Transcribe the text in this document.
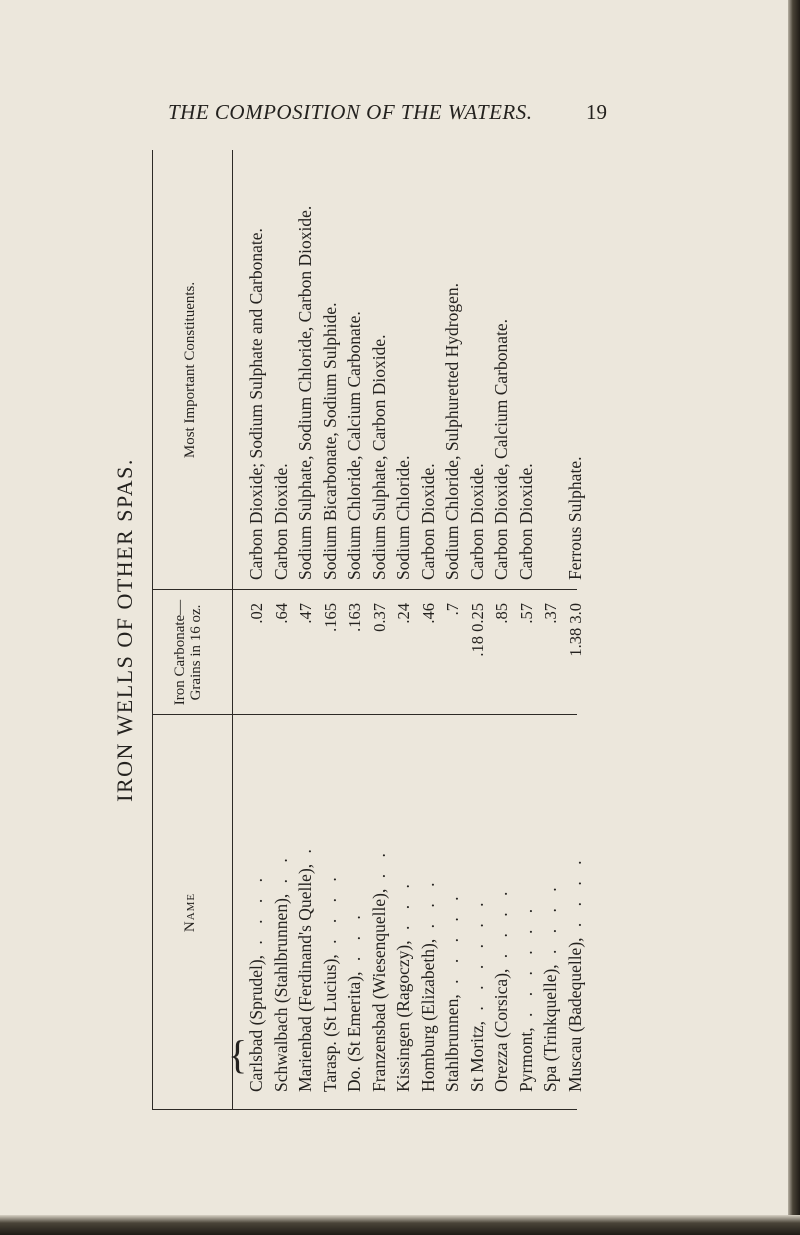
THE COMPOSITION OF THE WATERS.	19
IRON WELLS OF OTHER SPAS.
Name
Iron Carbonate— Grains in 16 oz.
Most Important Constituents.
Carlsbad (Sprudel), . . . .
.02
Carbon Dioxide; Sodium Sulphate and Carbonate.
Schwalbach (Stahlbrunnen), . .
.64
Carbon Dioxide.
Marienbad (Ferdinand's Quelle), .
.47
Sodium Sulphate, Sodium Chloride, Carbon Dioxide.
Tarasp. (St Lucius), . . . .
.165
Sodium Bicarbonate, Sodium Sulphide.
Do. (St Emerita), . . .
.163
Sodium Chloride, Calcium Carbonate.
Franzensbad (Wiesenquelle), . .
0.37
Sodium Sulphate, Carbon Dioxide.
Kissingen (Ragoczy), . . .
.24
Sodium Chloride.
Homburg (Elizabeth), . . .
.46
Carbon Dioxide.
Stahlbrunnen, . . . . .
.7
Sodium Chloride, Sulphuretted Hydrogen.
St Moritz, . . . . . .
.18 0.25
Carbon Dioxide.
Orezza (Corsica), . . . .
.85
Carbon Dioxide, Calcium Carbonate.
Pyrmont, . . . . . .
.57
Carbon Dioxide.
Spa (Trinkquelle), . . . .
.37
Muscau (Badequelle), . . . .
1.38 3.0
Ferrous Sulphate.
{
